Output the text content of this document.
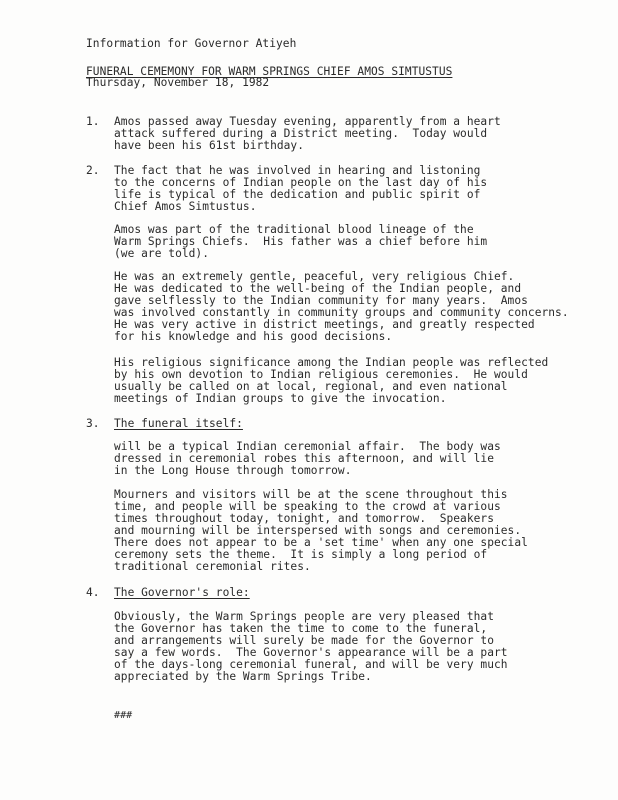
Information for Governor Atiyeh
FUNERAL CEMEMONY FOR WARM SPRINGS CHIEF AMOS SIMTUSTUS
Thursday, November 18, 1982
1. Amos passed away Tuesday evening, apparently from a heart
attack suffered during a District meeting.  Today would
have been his 61st birthday.
2. The fact that he was involved in hearing and listoning
to the concerns of Indian people on the last day of his
life is typical of the dedication and public spirit of
Chief Amos Simtustus.
Amos was part of the traditional blood lineage of the
Warm Springs Chiefs.  His father was a chief before him
(we are told).
He was an extremely gentle, peaceful, very religious Chief.
He was dedicated to the well-being of the Indian people, and
gave selflessly to the Indian community for many years.  Amos
was involved constantly in community groups and community concerns.
He was very active in district meetings, and greatly respected
for his knowledge and his good decisions.
His religious significance among the Indian people was reflected
by his own devotion to Indian religious ceremonies.  He would
usually be called on at local, regional, and even national
meetings of Indian groups to give the invocation.
3. The funeral itself:
will be a typical Indian ceremonial affair.  The body was
dressed in ceremonial robes this afternoon, and will lie
in the Long House through tomorrow.
Mourners and visitors will be at the scene throughout this
time, and people will be speaking to the crowd at various
times throughout today, tonight, and tomorrow.  Speakers
and mourning will be interspersed with songs and ceremonies.
There does not appear to be a 'set time' when any one special
ceremony sets the theme.  It is simply a long period of
traditional ceremonial rites.
4. The Governor's role:
Obviously, the Warm Springs people are very pleased that
the Governor has taken the time to come to the funeral,
and arrangements will surely be made for the Governor to
say a few words.  The Governor's appearance will be a part
of the days-long ceremonial funeral, and will be very much
appreciated by the Warm Springs Tribe.
###
